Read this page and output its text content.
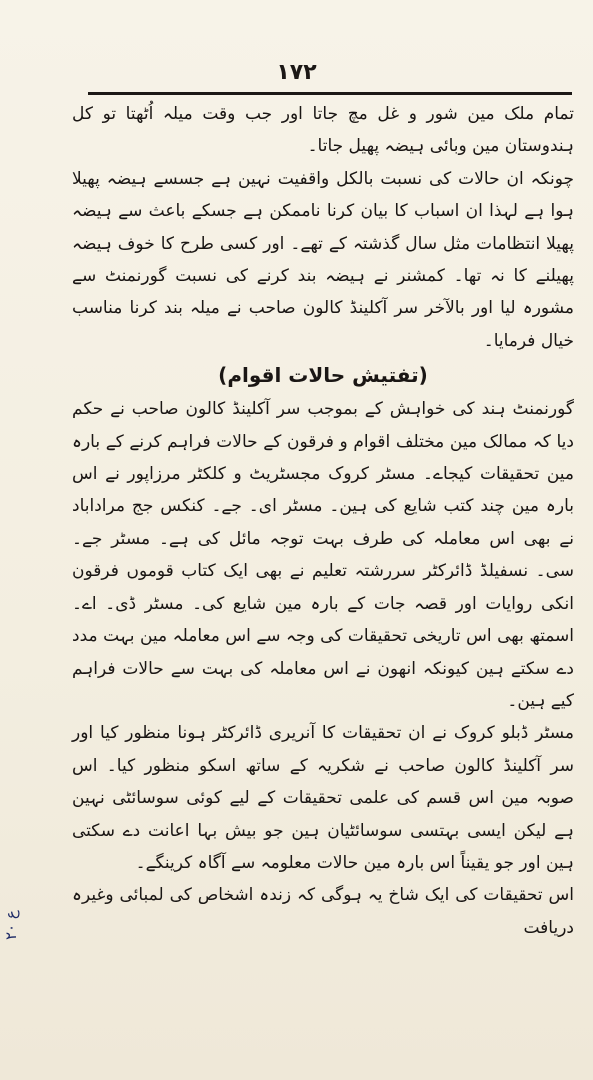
۱۷۲

تمام ملک مین شور و غل مچ جاتا اور جب وقت میلہ اُٹھتا تو کل ہندوستان مین وبائی ہیضہ پھیل جاتا۔

چونکہ ان حالات کی نسبت بالکل واقفیت نہین ہے جسسے ہیضہ پھیلا ہوا ہے لہذا ان اسباب کا بیان کرنا ناممکن ہے جسکے باعث سے ہیضہ پھیلا انتظامات مثل سال گذشتہ کے تھے۔ اور کسی طرح کا خوف ہیضہ پھیلنے کا نہ تھا۔ کمشنر نے ہیضہ بند کرنے کی نسبت گورنمنٹ سے مشورہ لیا اور بالآخر سر آکلینڈ کالون صاحب نے میلہ بند کرنا مناسب خیال فرمایا۔

(تفتیش حالات اقوام)

گورنمنٹ ہند کی خواہش کے بموجب سر آکلینڈ کالون صاحب نے حکم دیا کہ ممالک مین مختلف اقوام و فرقون کے حالات فراہم کرنے کے بارہ مین تحقیقات کیجاے۔ مسٹر کروک مجسٹریٹ و کلکٹر مرزاپور نے اس بارہ مین چند کتب شایع کی ہین۔ مسٹر ای۔ جے۔ کنکس جج مراداباد نے بھی اس معاملہ کی طرف بہت توجہ مائل کی ہے۔ مسٹر جے۔ سی۔ نسفیلڈ ڈائرکٹر سررشتہ تعلیم نے بھی ایک کتاب قوموں فرقون انکی روایات اور قصہ جات کے بارہ مین شایع کی۔ مسٹر ڈی۔ اے۔ اسمتھ بھی اس تاریخی تحقیقات کی وجہ سے اس معاملہ مین بہت مدد دے سکتے ہین کیونکہ انھون نے اس معاملہ کی بہت سے حالات فراہم کیے ہین۔

مسٹر ڈبلو کروک نے ان تحقیقات کا آنریری ڈائرکٹر ہونا منظور کیا اور سر آکلینڈ کالون صاحب نے شکریہ کے ساتھ اسکو منظور کیا۔ اس صوبہ مین اس قسم کی علمی تحقیقات کے لیے کوئی سوسائٹی نہین ہے لیکن ایسی بہتسی سوسائٹیان ہین جو بیش بہا اعانت دے سکتی ہین اور جو یقیناً اس بارہ مین حالات معلومہ سے آگاہ کرینگے۔

اس تحقیقات کی ایک شاخ یہ ہوگی کہ زندہ اشخاص کی لمبائی وغیرہ دریافت

ع ۲۰
